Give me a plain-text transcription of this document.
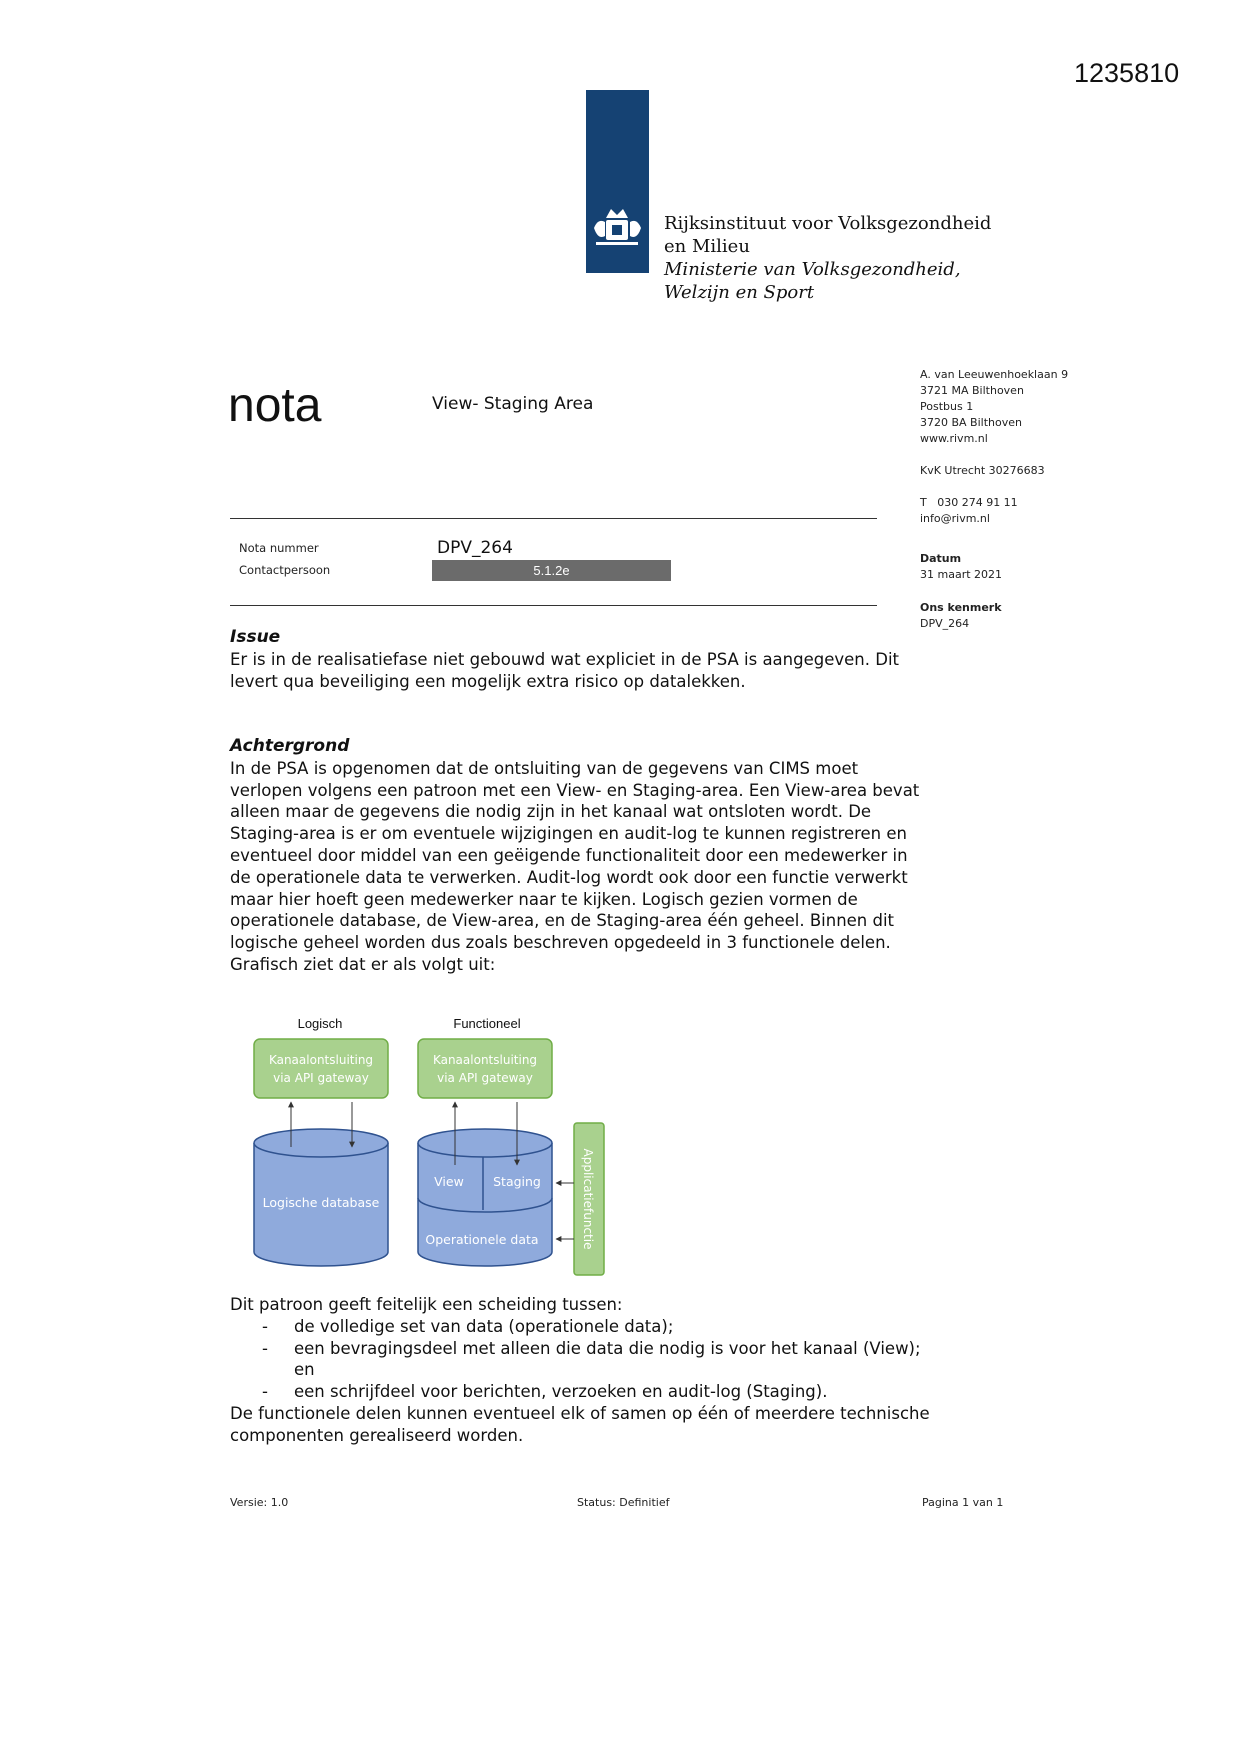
1235810
Rijksinstituut voor Volksgezondheid
en Milieu
Ministerie van Volksgezondheid,
Welzijn en Sport
nota	View- Staging Area
Nota nummer	DPV_264
Contactpersoon	5.1.2e
A. van Leeuwenhoeklaan 9
3721 MA Bilthoven
Postbus 1
3720 BA Bilthoven
www.rivm.nl
KvK Utrecht 30276683
T   030 274 91 11
info@rivm.nl
Datum
31 maart 2021
Ons kenmerk
DPV_264
Issue
Er is in de realisatiefase niet gebouwd wat expliciet in de PSA is aangegeven. Dit levert qua beveiliging een mogelijk extra risico op datalekken.
Achtergrond
In de PSA is opgenomen dat de ontsluiting van de gegevens van CIMS moet verlopen volgens een patroon met een View- en Staging-area. Een View-area bevat alleen maar de gegevens die nodig zijn in het kanaal wat ontsloten wordt. De Staging-area is er om eventuele wijzigingen en audit-log te kunnen registreren en eventueel door middel van een geëigende functionaliteit door een medewerker in de operationele data te verwerken. Audit-log wordt ook door een functie verwerkt maar hier hoeft geen medewerker naar te kijken. Logisch gezien vormen de operationele database, de View-area, en de Staging-area één geheel. Binnen dit logische geheel worden dus zoals beschreven opgedeeld in 3 functionele delen. Grafisch ziet dat er als volgt uit:
Logisch	Functioneel
Kanaalontsluiting
via API gateway
Kanaalontsluiting
via API gateway
Logische database
View Staging
Operationele data	Applicatiefunctie
Dit patroon geeft feitelijk een scheiding tussen:
- de volledige set van data (operationele data);
- een bevragingsdeel met alleen die data die nodig is voor het kanaal (View); en
- een schrijfdeel voor berichten, verzoeken en audit-log (Staging).
De functionele delen kunnen eventueel elk of samen op één of meerdere technische componenten gerealiseerd worden.
Versie: 1.0	Status: Definitief	Pagina 1 van 1
